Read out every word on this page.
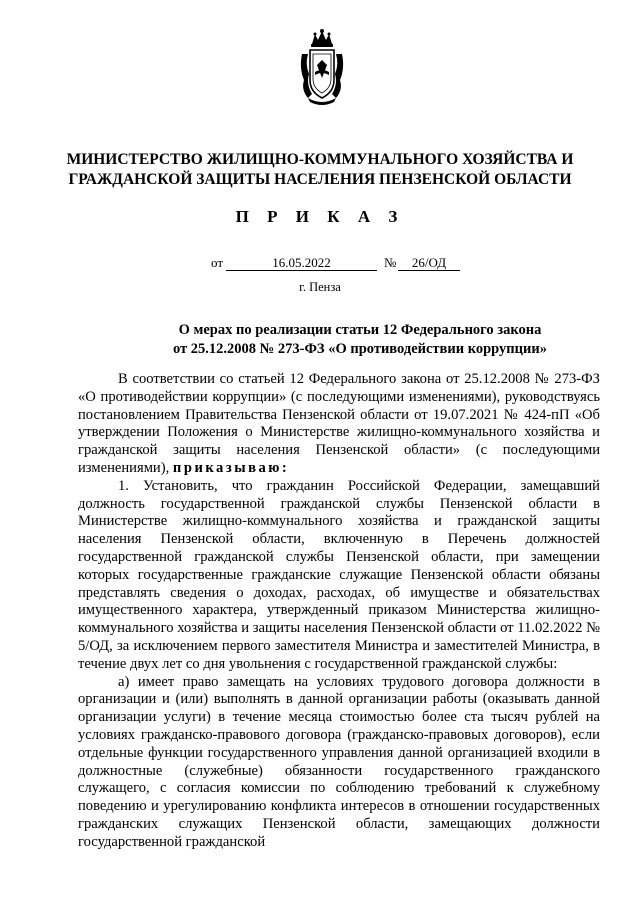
МИНИСТЕРСТВО ЖИЛИЩНО-КОММУНАЛЬНОГО ХОЗЯЙСТВА И
ГРАЖДАНСКОЙ ЗАЩИТЫ НАСЕЛЕНИЯ ПЕНЗЕНСКОЙ ОБЛАСТИ
П Р И К А З
от	16.05.2022	№	26/ОД
г. Пенза
О мерах по реализации статьи 12 Федерального закона
от 25.12.2008 № 273-ФЗ «О противодействии коррупции»

В соответствии со статьей 12 Федерального закона от 25.12.2008 № 273-ФЗ «О противодействии коррупции» (с последующими изменениями), руководствуясь постановлением Правительства Пензенской области от 19.07.2021 № 424-пП «Об утверждении Положения о Министерстве жилищно-коммунального хозяйства и гражданской защиты населения Пензенской области» (с последующими изменениями), приказываю:

1. Установить, что гражданин Российской Федерации, замещавший должность государственной гражданской службы Пензенской области в Министерстве жилищно-коммунального хозяйства и гражданской защиты населения Пензенской области, включенную в Перечень должностей государственной гражданской службы Пензенской области, при замещении которых государственные гражданские служащие Пензенской области обязаны представлять сведения о доходах, расходах, об имуществе и обязательствах имущественного характера, утвержденный приказом Министерства жилищно-коммунального хозяйства и защиты населения Пензенской области от 11.02.2022 № 5/ОД, за исключением первого заместителя Министра и заместителей Министра, в течение двух лет со дня увольнения с государственной гражданской службы:

а) имеет право замещать на условиях трудового договора должности в организации и (или) выполнять в данной организации работы (оказывать данной организации услуги) в течение месяца стоимостью более ста тысяч рублей на условиях гражданско-правового договора (гражданско-правовых договоров), если отдельные функции государственного управления данной организацией входили в должностные (служебные) обязанности государственного гражданского служащего, с согласия комиссии по соблюдению требований к служебному поведению и урегулированию конфликта интересов в отношении государственных гражданских служащих Пензенской области, замещающих должности государственной гражданской
